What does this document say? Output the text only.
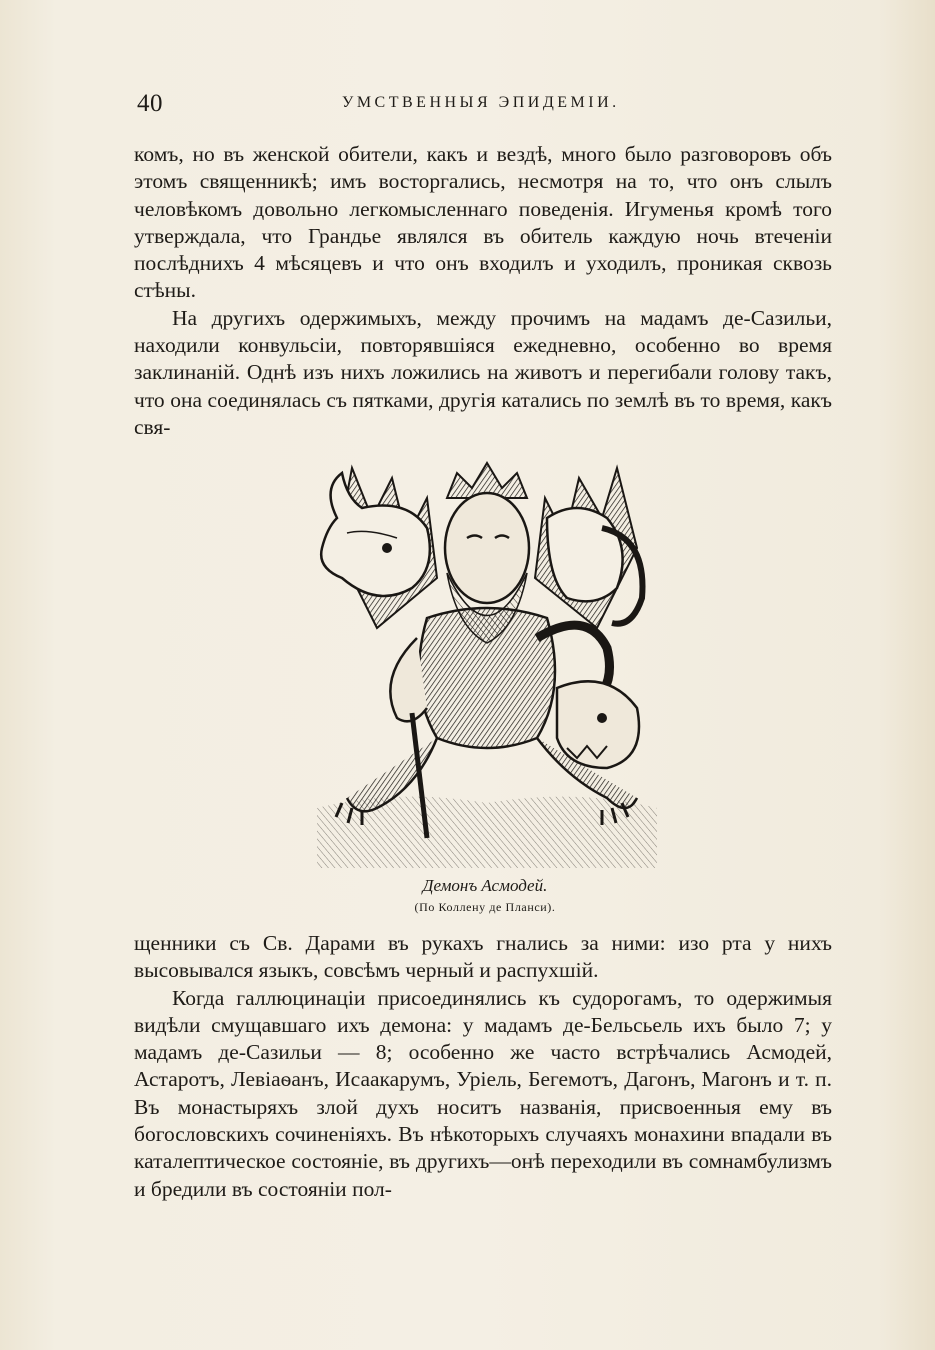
40	УМСТВЕННЫЯ ЭПИДЕМІИ.

комъ, но въ женской обители, какъ и вездѣ, много было разговоровъ объ этомъ священникѣ; имъ восторгались, несмотря на то, что онъ слылъ человѣкомъ довольно легкомысленнаго поведенія. Игуменья кромѣ того утверждала, что Грандье являлся въ обитель каждую ночь втеченіи послѣднихъ 4 мѣсяцевъ и что онъ входилъ и уходилъ, проникая сквозь стѣны.

На другихъ одержимыхъ, между прочимъ на мадамъ де-Сазильи, находили конвульсіи, повторявшіяся ежедневно, особенно во время заклинаній. Однѣ изъ нихъ ложились на животъ и перегибали голову такъ, что она соединялась съ пятками, другія катались по землѣ въ то время, какъ свя-

Демонъ Асмодей.
(По Коллену де Планси).

щенники съ Св. Дарами въ рукахъ гнались за ними: изо рта у нихъ высовывался языкъ, совсѣмъ черный и распухшій.

Когда галлюцинаціи присоединялись къ судорогамъ, то одержимыя видѣли смущавшаго ихъ демона: у мадамъ де-Бельсьель ихъ было 7; у мадамъ де-Сазильи — 8; особенно же часто встрѣчались Асмодей, Астаротъ, Левіаѳанъ, Исаакарумъ, Уріель, Бегемотъ, Дагонъ, Магонъ и т. п. Въ монастыряхъ злой духъ носитъ названія, присвоенныя ему въ богословскихъ сочиненіяхъ. Въ нѣкоторыхъ случаяхъ монахини впадали въ каталептическое состояніе, въ другихъ—онѣ переходили въ сомнамбулизмъ и бредили въ состояніи пол-
